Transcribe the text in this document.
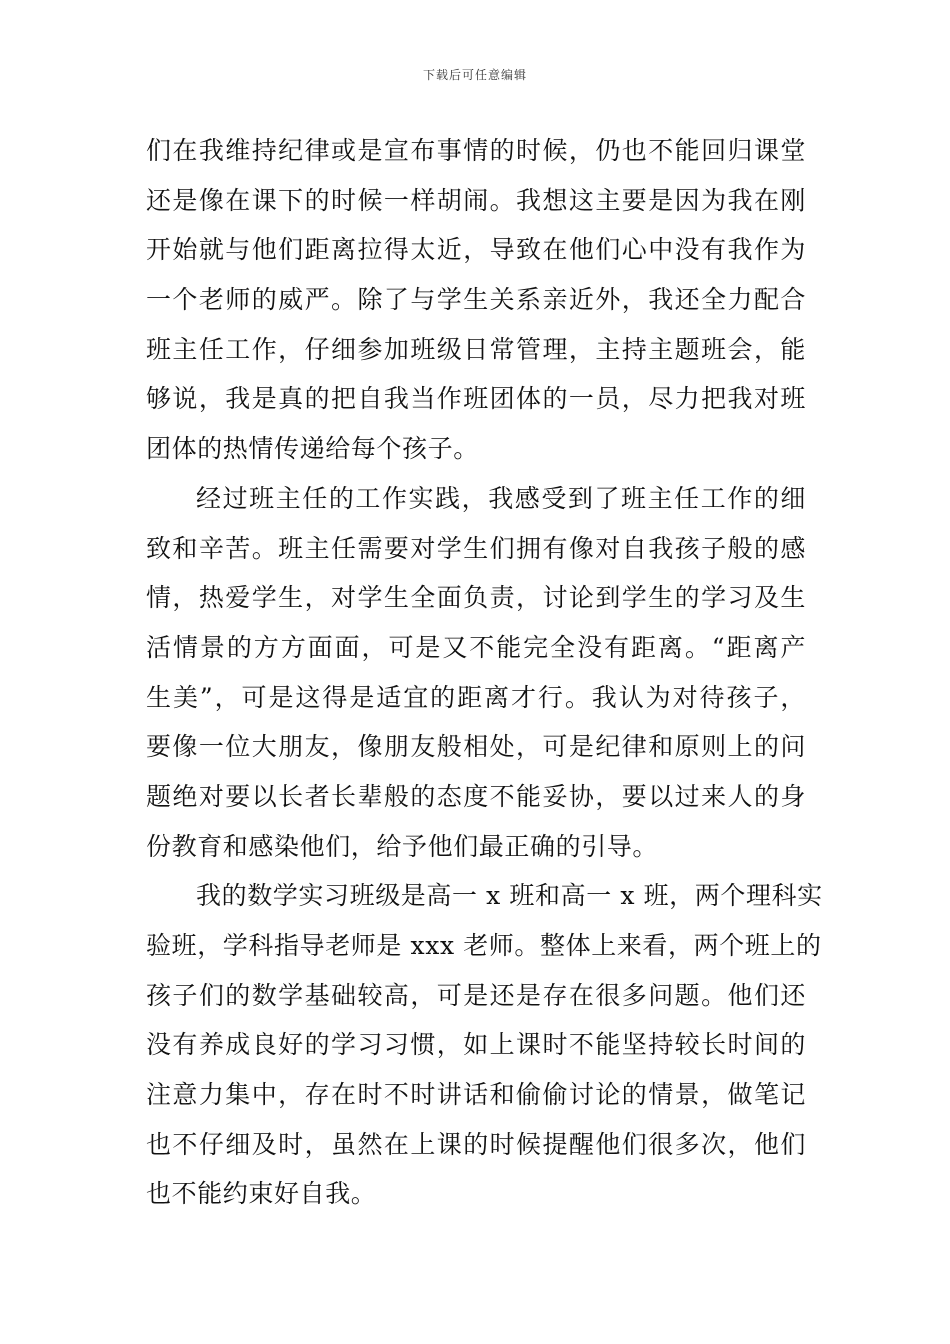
下载后可任意编辑
们在我维持纪律或是宣布事情的时候，仍也不能回归课堂
还是像在课下的时候一样胡闹。我想这主要是因为我在刚
开始就与他们距离拉得太近，导致在他们心中没有我作为
一个老师的威严。除了与学生关系亲近外，我还全力配合
班主任工作，仔细参加班级日常管理，主持主题班会，能
够说，我是真的把自我当作班团体的一员，尽力把我对班
团体的热情传递给每个孩子。
经过班主任的工作实践，我感受到了班主任工作的细
致和辛苦。班主任需要对学生们拥有像对自我孩子般的感
情，热爱学生，对学生全面负责，讨论到学生的学习及生
活情景的方方面面，可是又不能完全没有距离。“距离产
生美”，可是这得是适宜的距离才行。我认为对待孩子，
要像一位大朋友，像朋友般相处，可是纪律和原则上的问
题绝对要以长者长辈般的态度不能妥协，要以过来人的身
份教育和感染他们，给予他们最正确的引导。
我的数学实习班级是高一 x 班和高一 x 班，两个理科实
验班，学科指导老师是 xxx 老师。整体上来看，两个班上的
孩子们的数学基础较高，可是还是存在很多问题。他们还
没有养成良好的学习习惯，如上课时不能坚持较长时间的
注意力集中，存在时不时讲话和偷偷讨论的情景，做笔记
也不仔细及时，虽然在上课的时候提醒他们很多次，他们
也不能约束好自我。
